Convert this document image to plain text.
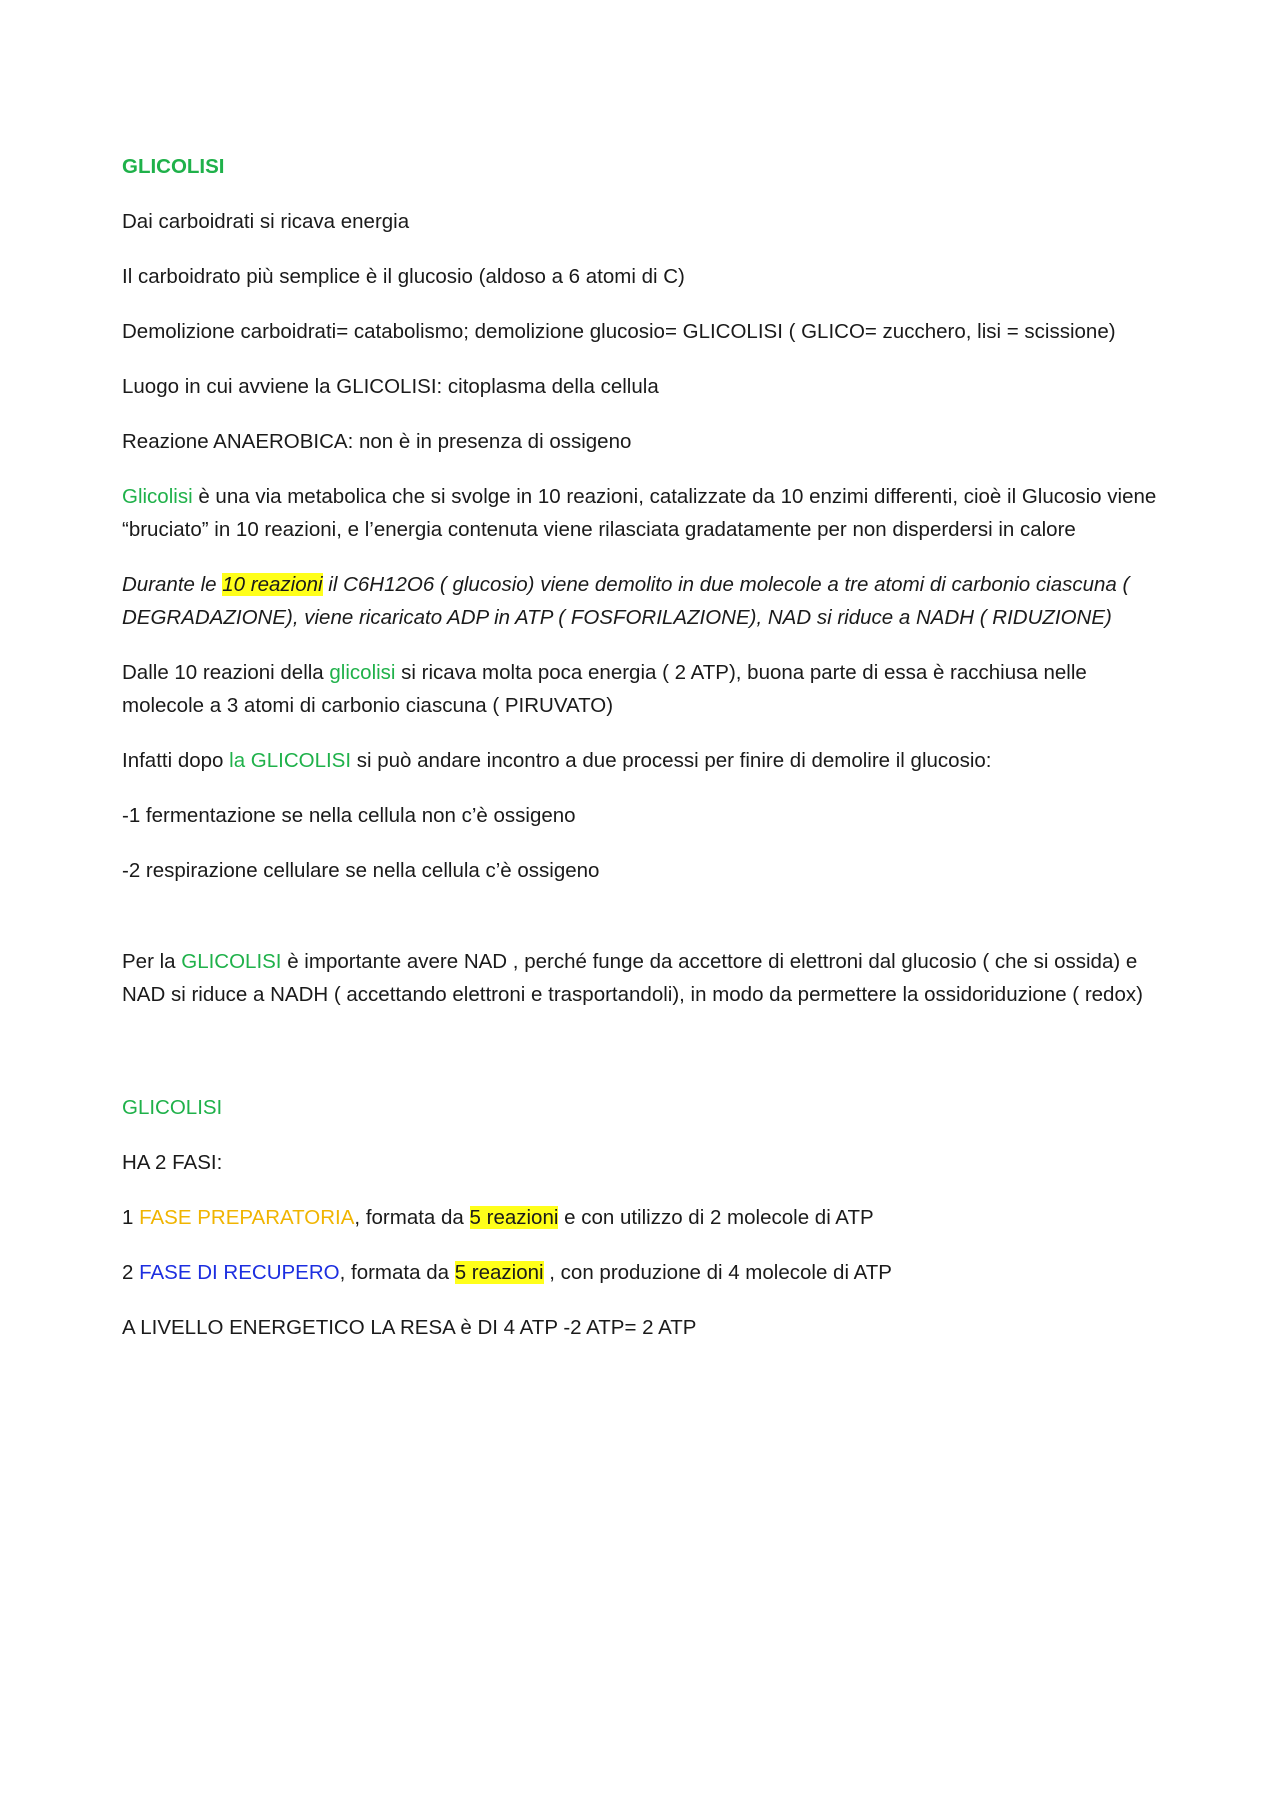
GLICOLISI

Dai carboidrati si ricava energia

Il carboidrato più semplice è il glucosio (aldoso a 6 atomi di C)

Demolizione carboidrati= catabolismo; demolizione glucosio= GLICOLISI ( GLICO= zucchero, lisi = scissione)

Luogo in cui avviene la GLICOLISI: citoplasma della cellula

Reazione ANAEROBICA: non è in presenza di ossigeno

Glicolisi è una via metabolica che si svolge in 10 reazioni, catalizzate da 10 enzimi differenti, cioè il Glucosio viene “bruciato” in 10 reazioni, e l’energia contenuta viene rilasciata gradatamente per non disperdersi in calore

Durante le 10 reazioni il C6H12O6 ( glucosio) viene demolito in due molecole a tre atomi di carbonio ciascuna ( DEGRADAZIONE), viene ricaricato ADP in ATP ( FOSFORILAZIONE), NAD si riduce a NADH ( RIDUZIONE)

Dalle 10 reazioni della glicolisi si ricava molta poca energia ( 2 ATP), buona parte di essa è racchiusa nelle molecole a 3 atomi di carbonio ciascuna ( PIRUVATO)

Infatti dopo la GLICOLISI si può andare incontro a due processi per finire di demolire il glucosio:

-1 fermentazione se nella cellula non c’è ossigeno

-2 respirazione cellulare se nella cellula c’è ossigeno

Per la GLICOLISI è importante avere NAD , perché funge da accettore di elettroni dal glucosio ( che si ossida) e NAD si riduce a NADH ( accettando elettroni e trasportandoli), in modo da permettere la ossidoriduzione ( redox)

GLICOLISI

HA 2 FASI:

1 FASE PREPARATORIA, formata da 5 reazioni e con utilizzo di 2 molecole di ATP

2 FASE DI RECUPERO, formata da 5 reazioni , con produzione di 4 molecole di ATP

A LIVELLO ENERGETICO LA RESA è DI 4 ATP -2 ATP= 2 ATP
